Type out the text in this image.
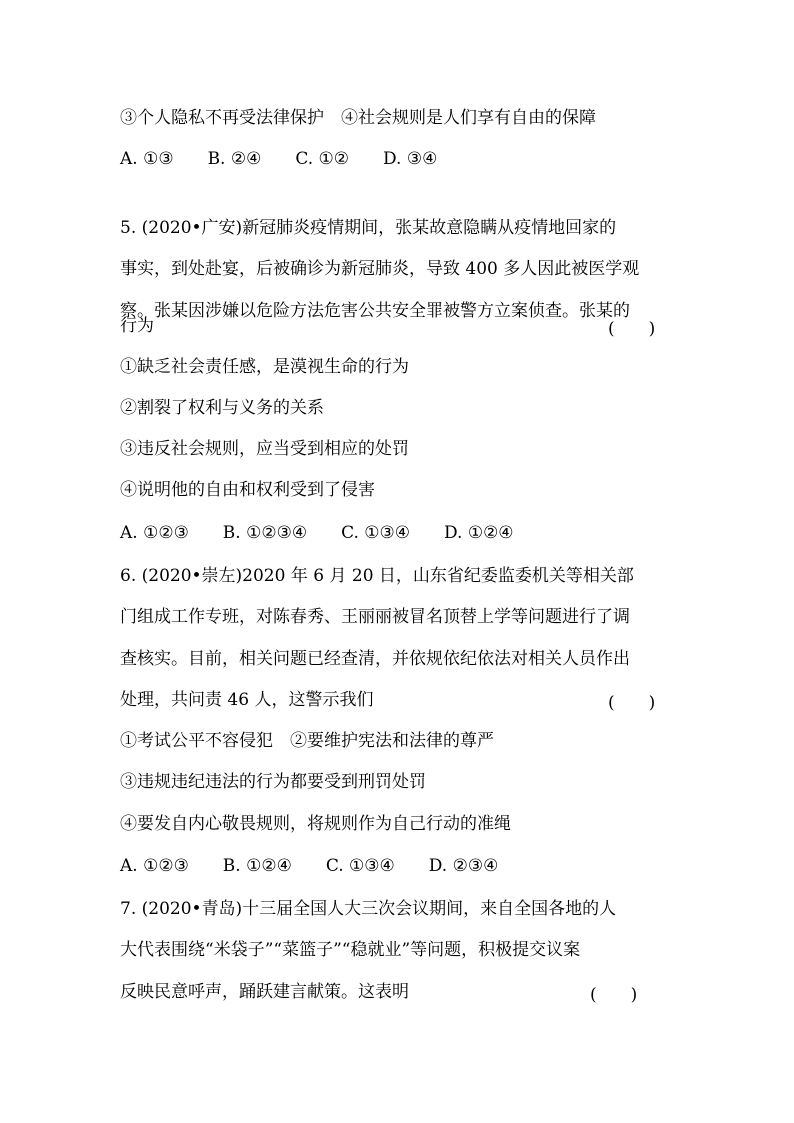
③个人隐私不再受法律保护　④社会规则是人们享有自由的保障
A. ①③　　B. ②④　　C. ①②　　D. ③④
5. (2020•广安)新冠肺炎疫情期间，张某故意隐瞒从疫情地回家的
事实，到处赴宴，后被确诊为新冠肺炎，导致 400 多人因此被医学观
察。张某因涉嫌以危险方法危害公共安全罪被警方立案侦查。张某的
行为	(　　)
①缺乏社会责任感，是漠视生命的行为
②割裂了权利与义务的关系
③违反社会规则，应当受到相应的处罚
④说明他的自由和权利受到了侵害
A. ①②③　　B. ①②③④　　C. ①③④　　D. ①②④
6. (2020•崇左)2020 年 6 月 20 日，山东省纪委监委机关等相关部
门组成工作专班，对陈春秀、王丽丽被冒名顶替上学等问题进行了调
查核实。目前，相关问题已经查清，并依规依纪依法对相关人员作出
处理，共问责 46 人，这警示我们	(　　)
①考试公平不容侵犯　②要维护宪法和法律的尊严
③违规违纪违法的行为都要受到刑罚处罚
④要发自内心敬畏规则，将规则作为自己行动的准绳
A. ①②③　　B. ①②④　　C. ①③④　　D. ②③④
7. (2020•青岛)十三届全国人大三次会议期间，来自全国各地的人
大代表围绕“米袋子”“菜篮子”“稳就业”等问题，积极提交议案
反映民意呼声，踊跃建言献策。这表明	(　　)
